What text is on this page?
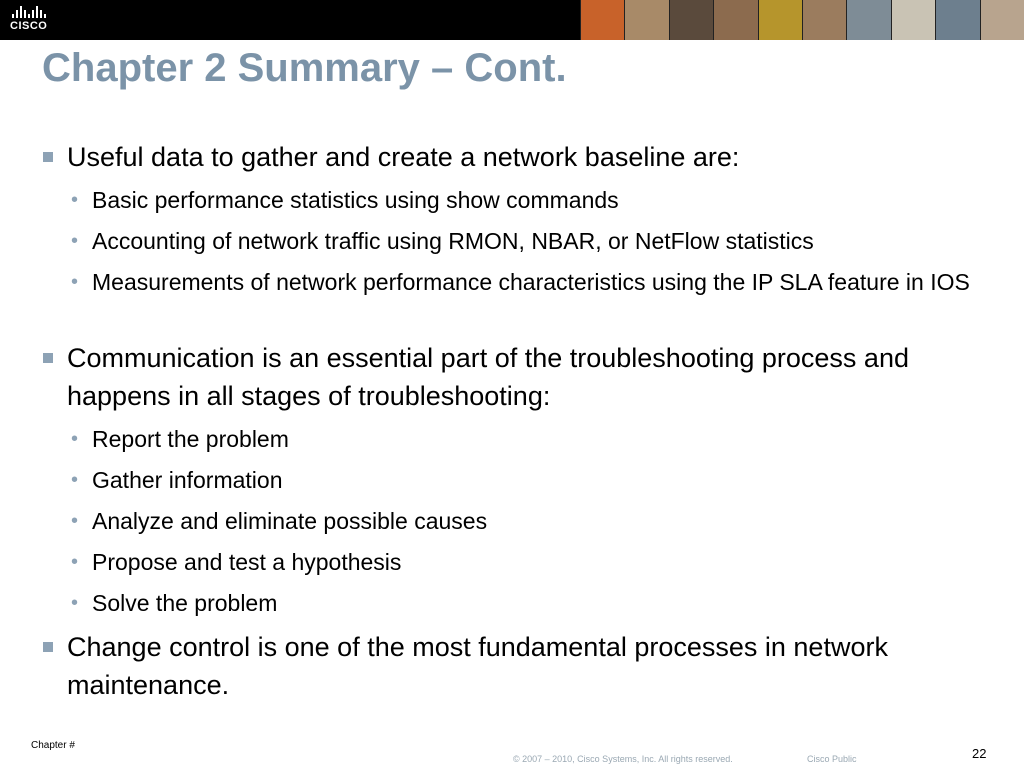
CISCO
Chapter 2 Summary – Cont.
Useful data to gather and create a network baseline are:
• Basic performance statistics using show commands
• Accounting of network traffic using RMON, NBAR, or NetFlow statistics
• Measurements of network performance characteristics using the IP SLA feature in IOS
Communication is an essential part of the troubleshooting process and happens in all stages of troubleshooting:
• Report the problem
• Gather information
• Analyze and eliminate possible causes
• Propose and test a hypothesis
• Solve the problem
Change control is one of the most fundamental processes in network maintenance.
Chapter #
© 2007 – 2010, Cisco Systems, Inc. All rights reserved.	Cisco Public	22
